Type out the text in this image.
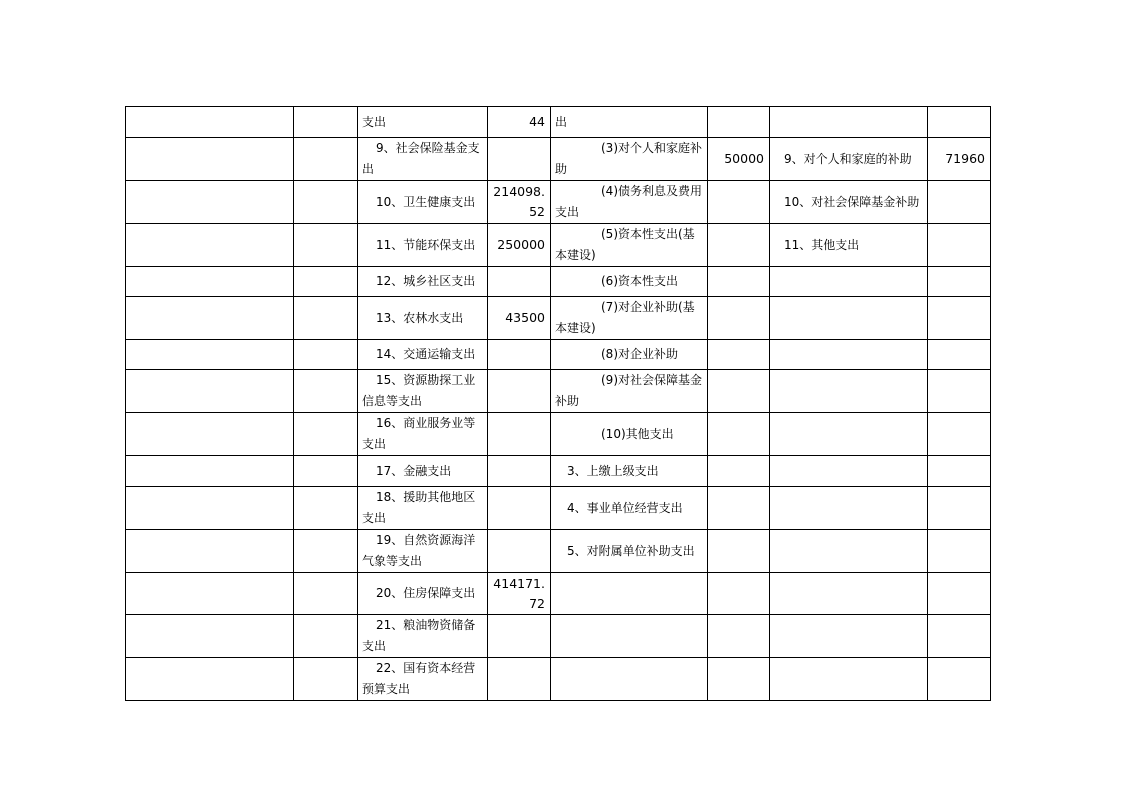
		支出	44	出			
		9、社会保险基金支出		(3)对个人和家庭补助	50000	9、对个人和家庭的补助	71960
		10、卫生健康支出	214098.52	(4)债务利息及费用支出		10、对社会保障基金补助	
		11、节能环保支出	250000	(5)资本性支出(基本建设)		11、其他支出	
		12、城乡社区支出		(6)资本性支出			
		13、农林水支出	43500	(7)对企业补助(基本建设)			
		14、交通运输支出		(8)对企业补助			
		15、资源勘探工业信息等支出		(9)对社会保障基金补助			
		16、商业服务业等支出		(10)其他支出			
		17、金融支出		3、上缴上级支出			
		18、援助其他地区支出		4、事业单位经营支出			
		19、自然资源海洋气象等支出		5、对附属单位补助支出			
		20、住房保障支出	414171.72				
		21、粮油物资储备支出					
		22、国有资本经营预算支出					
